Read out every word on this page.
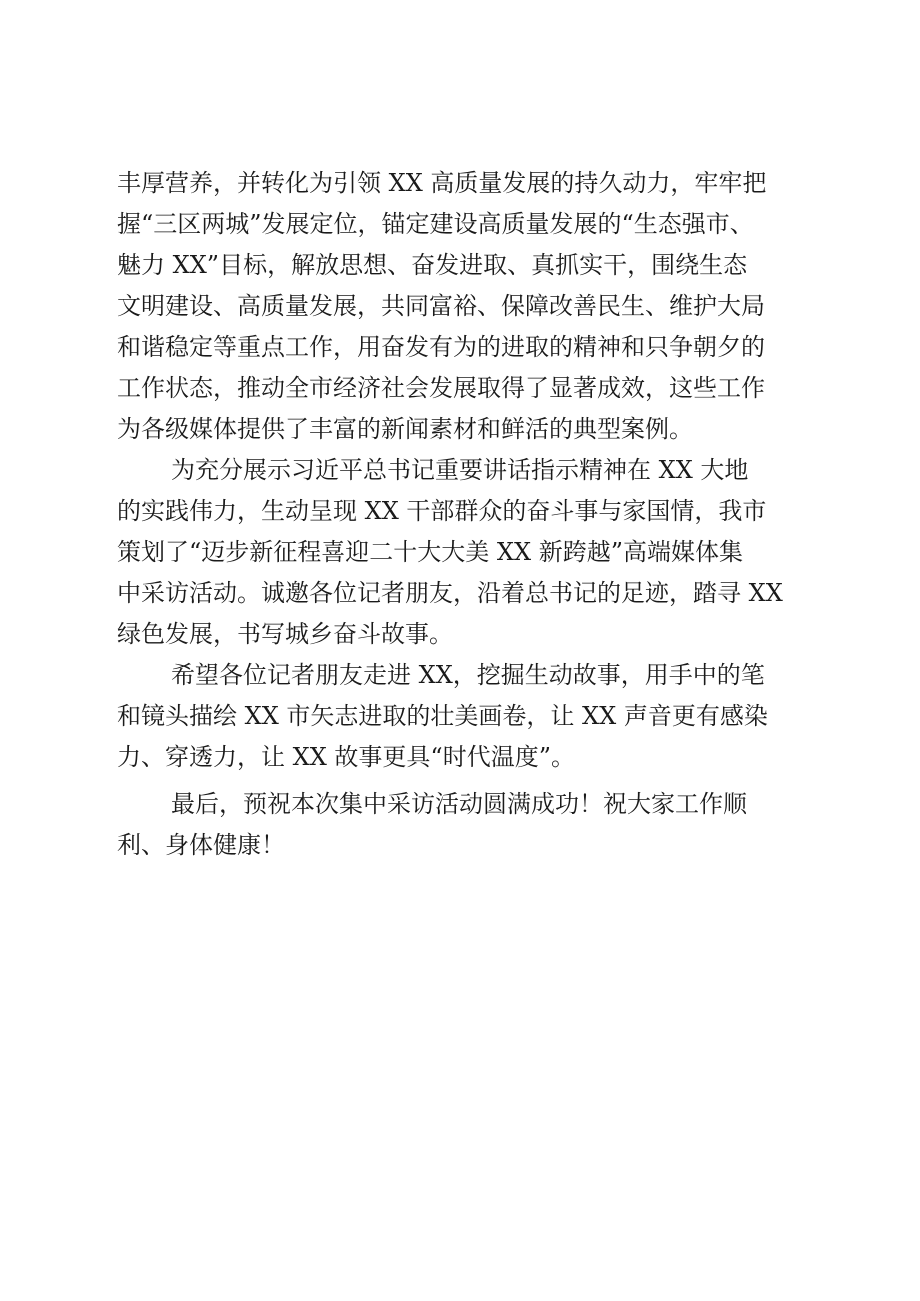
丰厚营养，并转化为引领 XX 高质量发展的持久动力，牢牢把
握“三区两城”发展定位，锚定建设高质量发展的“生态强市、
魅力 XX”目标，解放思想、奋发进取、真抓实干，围绕生态
文明建设、高质量发展，共同富裕、保障改善民生、维护大局
和谐稳定等重点工作，用奋发有为的进取的精神和只争朝夕的
工作状态，推动全市经济社会发展取得了显著成效，这些工作
为各级媒体提供了丰富的新闻素材和鲜活的典型案例。
为充分展示习近平总书记重要讲话指示精神在 XX 大地
的实践伟力，生动呈现 XX 干部群众的奋斗事与家国情，我市
策划了“迈步新征程喜迎二十大大美 XX 新跨越”高端媒体集
中采访活动。诚邀各位记者朋友，沿着总书记的足迹，踏寻 XX
绿色发展，书写城乡奋斗故事。
希望各位记者朋友走进 XX，挖掘生动故事，用手中的笔
和镜头描绘 XX 市矢志进取的壮美画卷，让 XX 声音更有感染
力、穿透力，让 XX 故事更具“时代温度”。
最后，预祝本次集中采访活动圆满成功！祝大家工作顺
利、身体健康！
